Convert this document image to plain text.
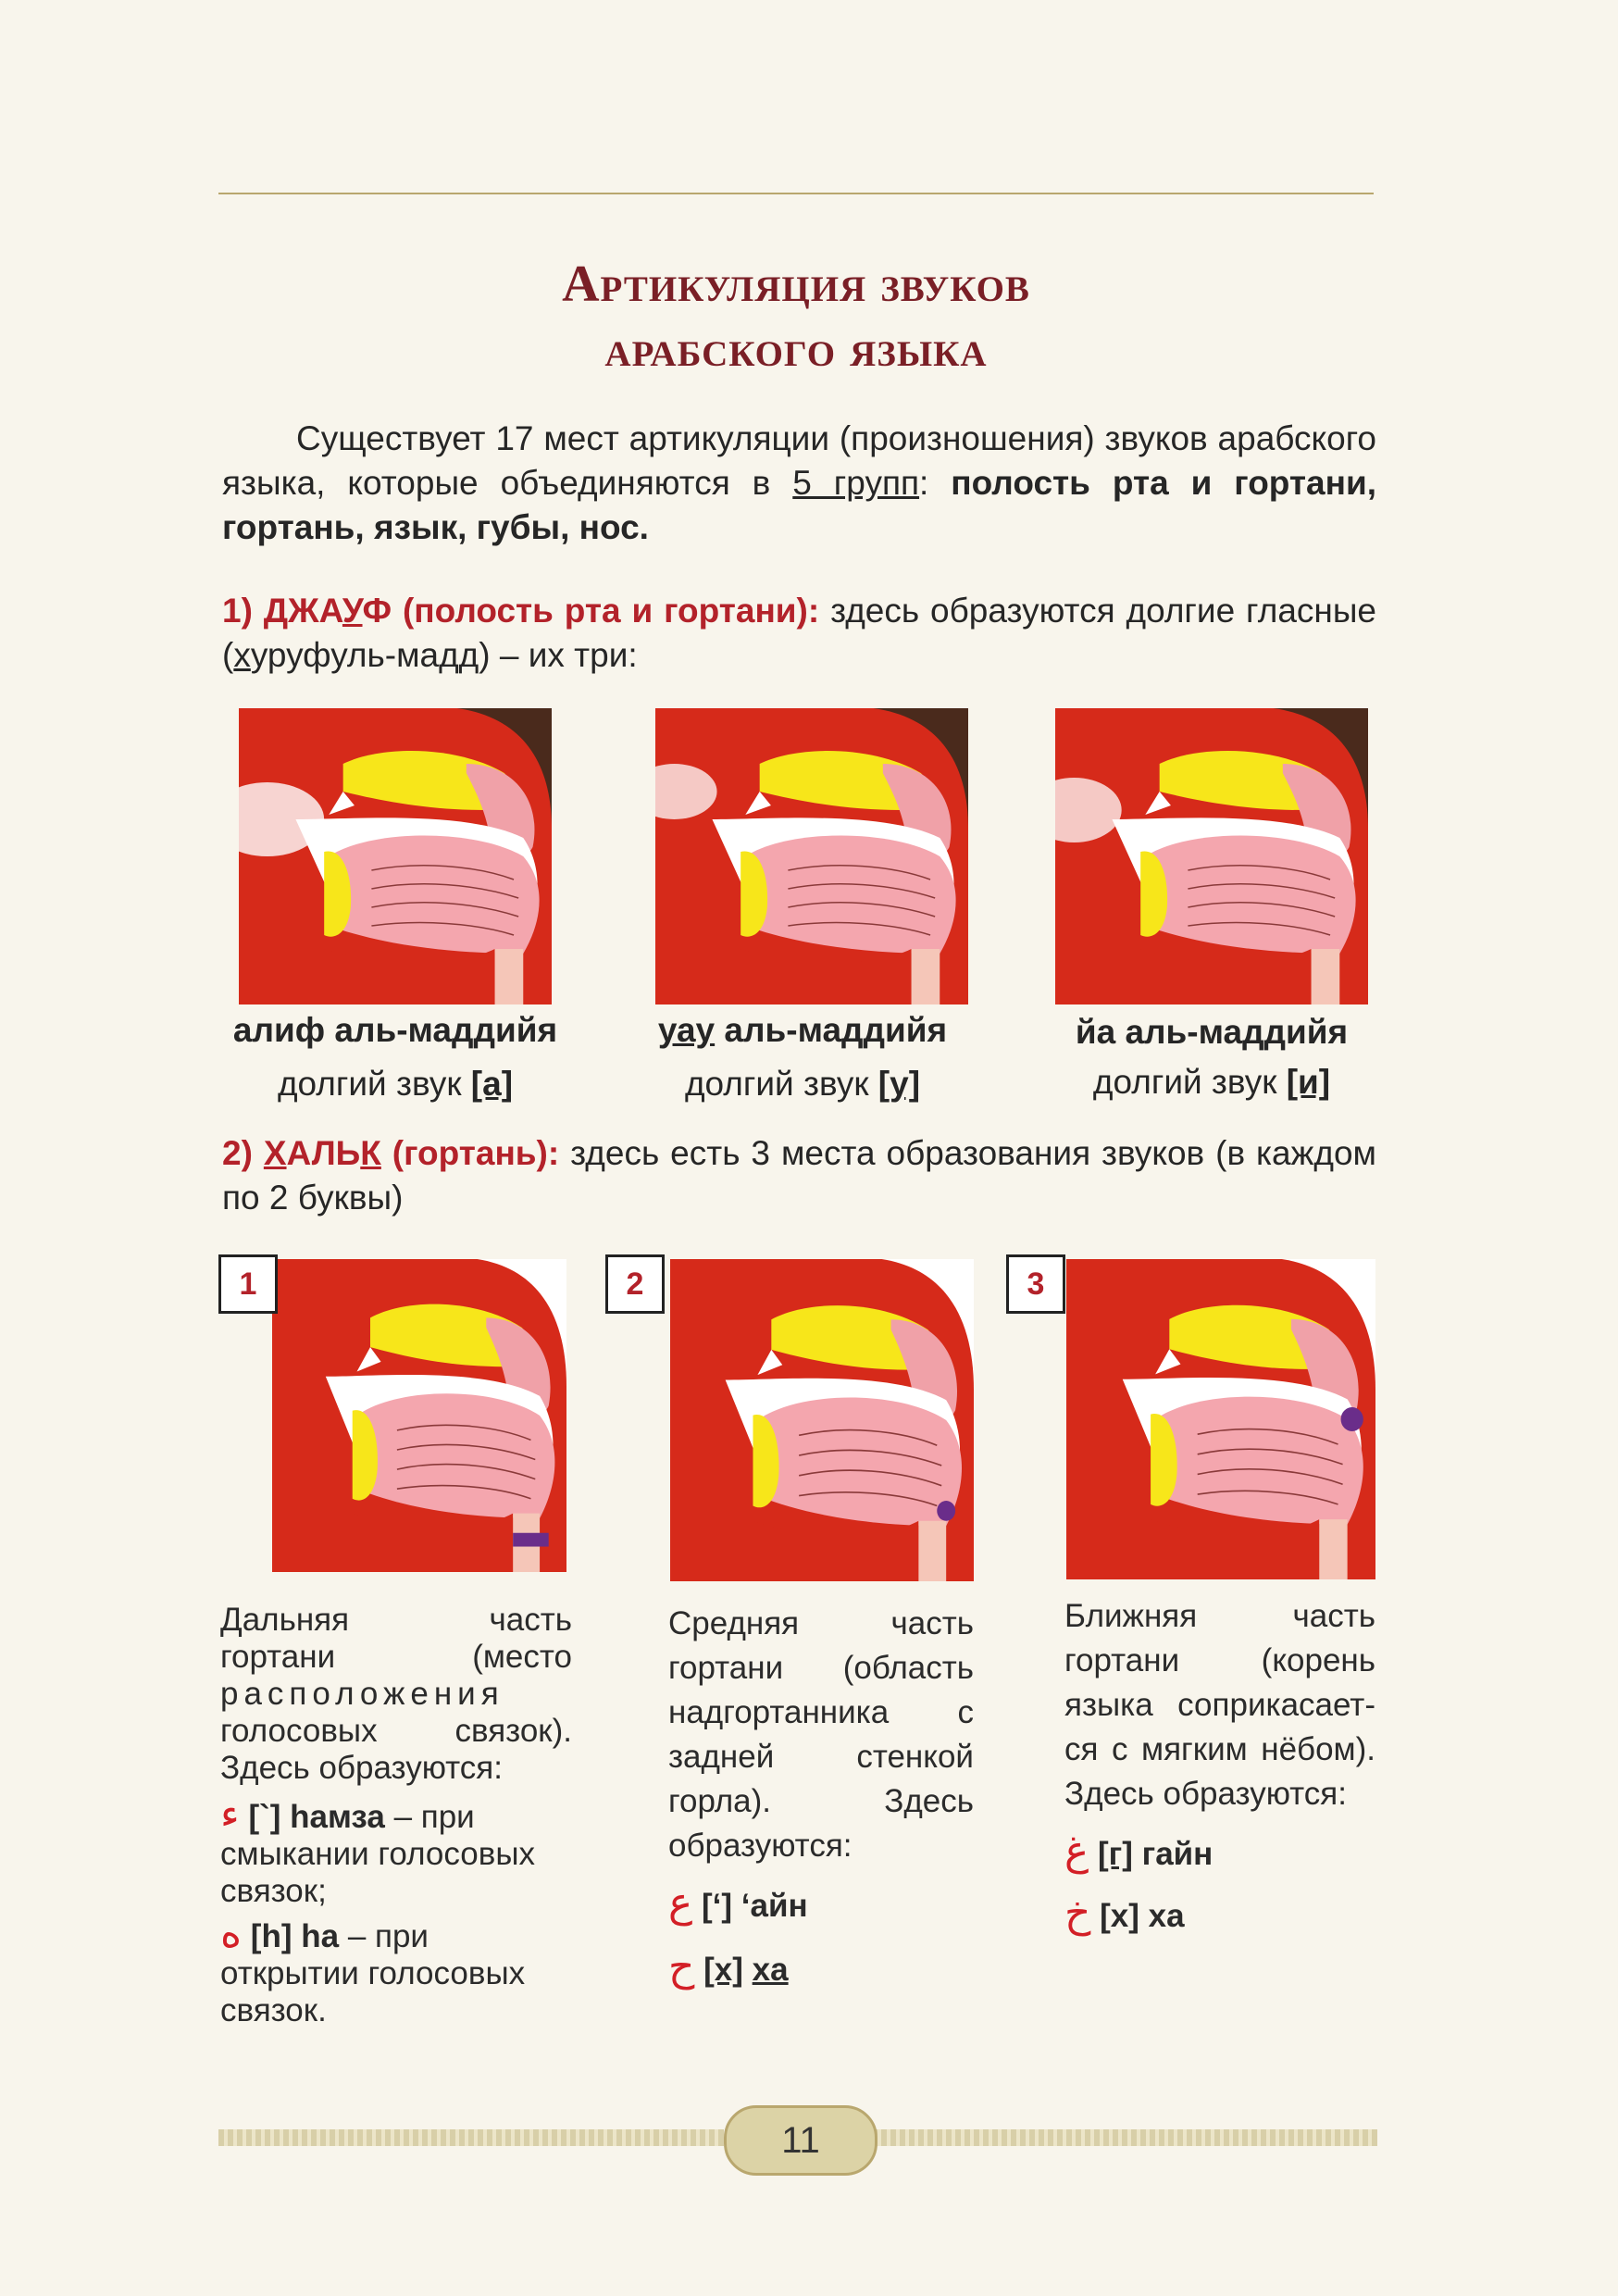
Артикуляция звуков
арабского языка
Существует 17 мест артикуляции (произношения) звуков арабского языка, которые объединяются в 5 групп: полость рта и гортани, гортань, язык, губы, нос.
1) ДЖАУФ (полость рта и гортани): здесь образуются долгие гласные (хуруфуль-мадд) – их три:
алиф аль-маддийя
долгий звук [а]
уау аль-маддийя
долгий звук [у]
йа аль-маддийя
долгий звук [и]
2) ХАЛЬК (гортань): здесь есть 3 места образования звуков (в каждом по 2 буквы)
1	2	3
Дальняя часть
гортани (место
расположения
голосовых связок).
Здесь образуются:
ء [`] hамза – при смыкании голосовых связок;
ه [h] ha – при открытии голосовых связок.
Средняя часть
гортани (область
надгортанника с
задней стенкой
горла). Здесь
образуются:
ع [‘] ‘айн
ح [х] ха
Ближняя часть
гортани (корень
языка соприкасает-
ся с мягким нёбом).
Здесь образуются:
غ [г] гайн
خ [х] ха
11
